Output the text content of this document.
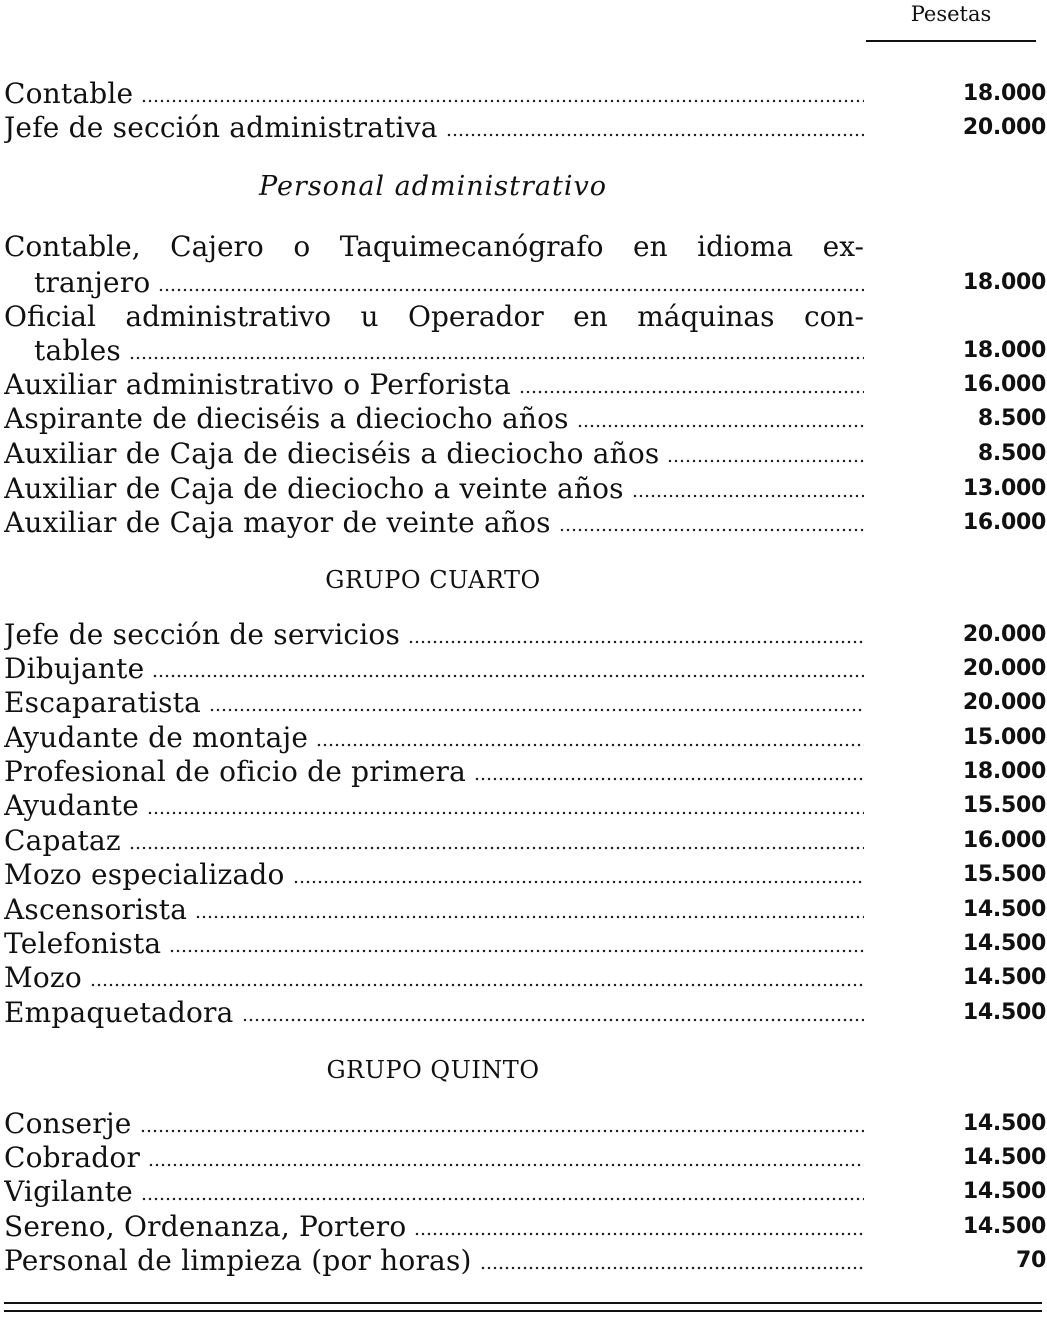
Pesetas
Contable	18.000
Jefe de sección administrativa	20.000
Personal administrativo
Contable, Cajero o Taquimecanógrafo en idioma ex-
tranjero	18.000
Oficial administrativo u Operador en máquinas con-
tables	18.000
Auxiliar administrativo o Perforista	16.000
Aspirante de dieciséis a dieciocho años	8.500
Auxiliar de Caja de dieciséis a dieciocho años	8.500
Auxiliar de Caja de dieciocho a veinte años	13.000
Auxiliar de Caja mayor de veinte años	16.000
GRUPO CUARTO
Jefe de sección de servicios	20.000
Dibujante	20.000
Escaparatista	20.000
Ayudante de montaje	15.000
Profesional de oficio de primera	18.000
Ayudante	15.500
Capataz	16.000
Mozo especializado	15.500
Ascensorista	14.500
Telefonista	14.500
Mozo	14.500
Empaquetadora	14.500
GRUPO QUINTO
Conserje	14.500
Cobrador	14.500
Vigilante	14.500
Sereno, Ordenanza, Portero	14.500
Personal de limpieza (por horas)	70
